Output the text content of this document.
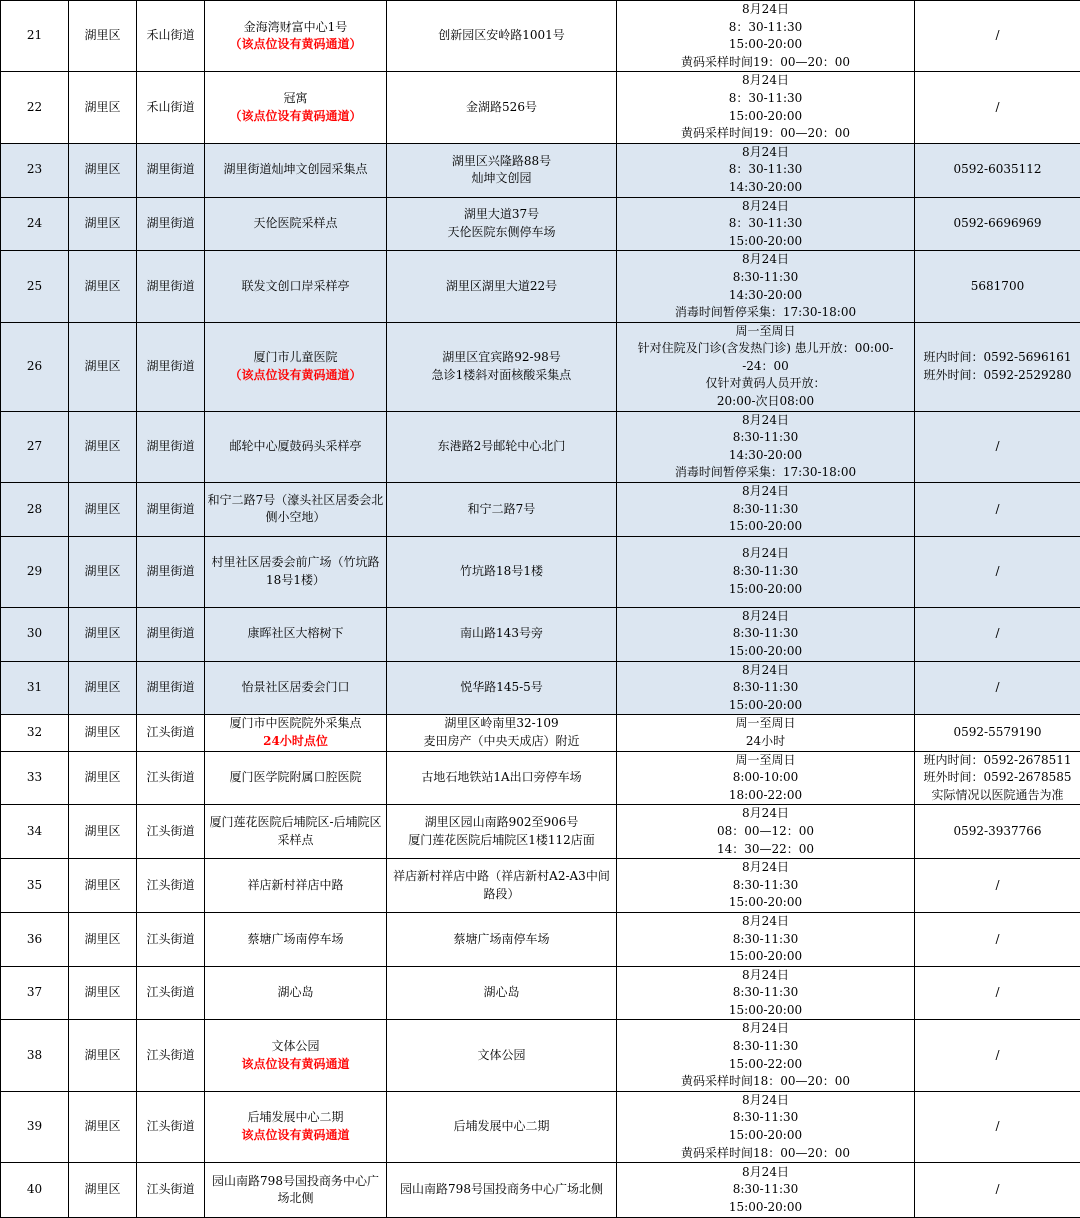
21	湖里区	禾山街道	金海湾财富中心1号
（该点位设有黄码通道）	创新园区安岭路1001号	8月24日
8：30-11:30
15:00-20:00
黄码采样时间19：00—20：00	/

22	湖里区	禾山街道	冠寓
（该点位设有黄码通道）	金湖路526号	8月24日
8：30-11:30
15:00-20:00
黄码采样时间19：00—20：00	/

23	湖里区	湖里街道	湖里街道灿坤文创园采集点	湖里区兴隆路88号
灿坤文创园	8月24日
8：30-11:30
14:30-20:00	0592-6035112

24	湖里区	湖里街道	天伦医院采样点	湖里大道37号
天伦医院东侧停车场	8月24日
8：30-11:30
15:00-20:00	0592-6696969

25	湖里区	湖里街道	联发文创口岸采样亭	湖里区湖里大道22号	8月24日
8:30-11:30
14:30-20:00
消毒时间暂停采集：17:30-18:00	5681700

26	湖里区	湖里街道	厦门市儿童医院
（该点位设有黄码通道）	湖里区宜宾路92-98号
急诊1楼斜对面核酸采集点	周一至周日
针对住院及门诊(含发热门诊) 患儿开放：00:00-
-24：00
仅针对黄码人员开放：
20:00-次日08:00	班内时间：0592-5696161
班外时间：0592-2529280

27	湖里区	湖里街道	邮轮中心厦鼓码头采样亭	东港路2号邮轮中心北门	8月24日
8:30-11:30
14:30-20:00
消毒时间暂停采集：17:30-18:00	/

28	湖里区	湖里街道	和宁二路7号（濠头社区居委会北侧小空地）	和宁二路7号	8月24日
8:30-11:30
15:00-20:00	/

29	湖里区	湖里街道	村里社区居委会前广场（竹坑路18号1楼）	竹坑路18号1楼	8月24日
8:30-11:30
15:00-20:00	/

30	湖里区	湖里街道	康晖社区大榕树下	南山路143号旁	8月24日
8:30-11:30
15:00-20:00	/

31	湖里区	湖里街道	怡景社区居委会门口	悦华路145-5号	8月24日
8:30-11:30
15:00-20:00	/

32	湖里区	江头街道	厦门市中医院院外采集点
24小时点位	湖里区岭南里32-109
麦田房产（中央天成店）附近	周一至周日
24小时	0592-5579190

33	湖里区	江头街道	厦门医学院附属口腔医院	古地石地铁站1A出口旁停车场	周一至周日
8:00-10:00
18:00-22:00	班内时间：0592-2678511
班外时间：0592-2678585
实际情况以医院通告为准

34	湖里区	江头街道	厦门莲花医院后埔院区-后埔院区采样点	湖里区园山南路902至906号
厦门莲花医院后埔院区1楼112店面	8月24日
08：00—12：00
14：30—22：00	0592-3937766

35	湖里区	江头街道	祥店新村祥店中路	祥店新村祥店中路（祥店新村A2-A3中间路段）	8月24日
8:30-11:30
15:00-20:00	/

36	湖里区	江头街道	蔡塘广场南停车场	蔡塘广场南停车场	8月24日
8:30-11:30
15:00-20:00	/

37	湖里区	江头街道	湖心岛	湖心岛	8月24日
8:30-11:30
15:00-20:00	/

38	湖里区	江头街道	文体公园
该点位设有黄码通道	文体公园	8月24日
8:30-11:30
15:00-22:00
黄码采样时间18：00—20：00	/

39	湖里区	江头街道	后埔发展中心二期
该点位设有黄码通道	后埔发展中心二期	8月24日
8:30-11:30
15:00-20:00
黄码采样时间18：00—20：00	/

40	湖里区	江头街道	园山南路798号国投商务中心广场北侧	园山南路798号国投商务中心广场北侧	8月24日
8:30-11:30
15:00-20:00	/
